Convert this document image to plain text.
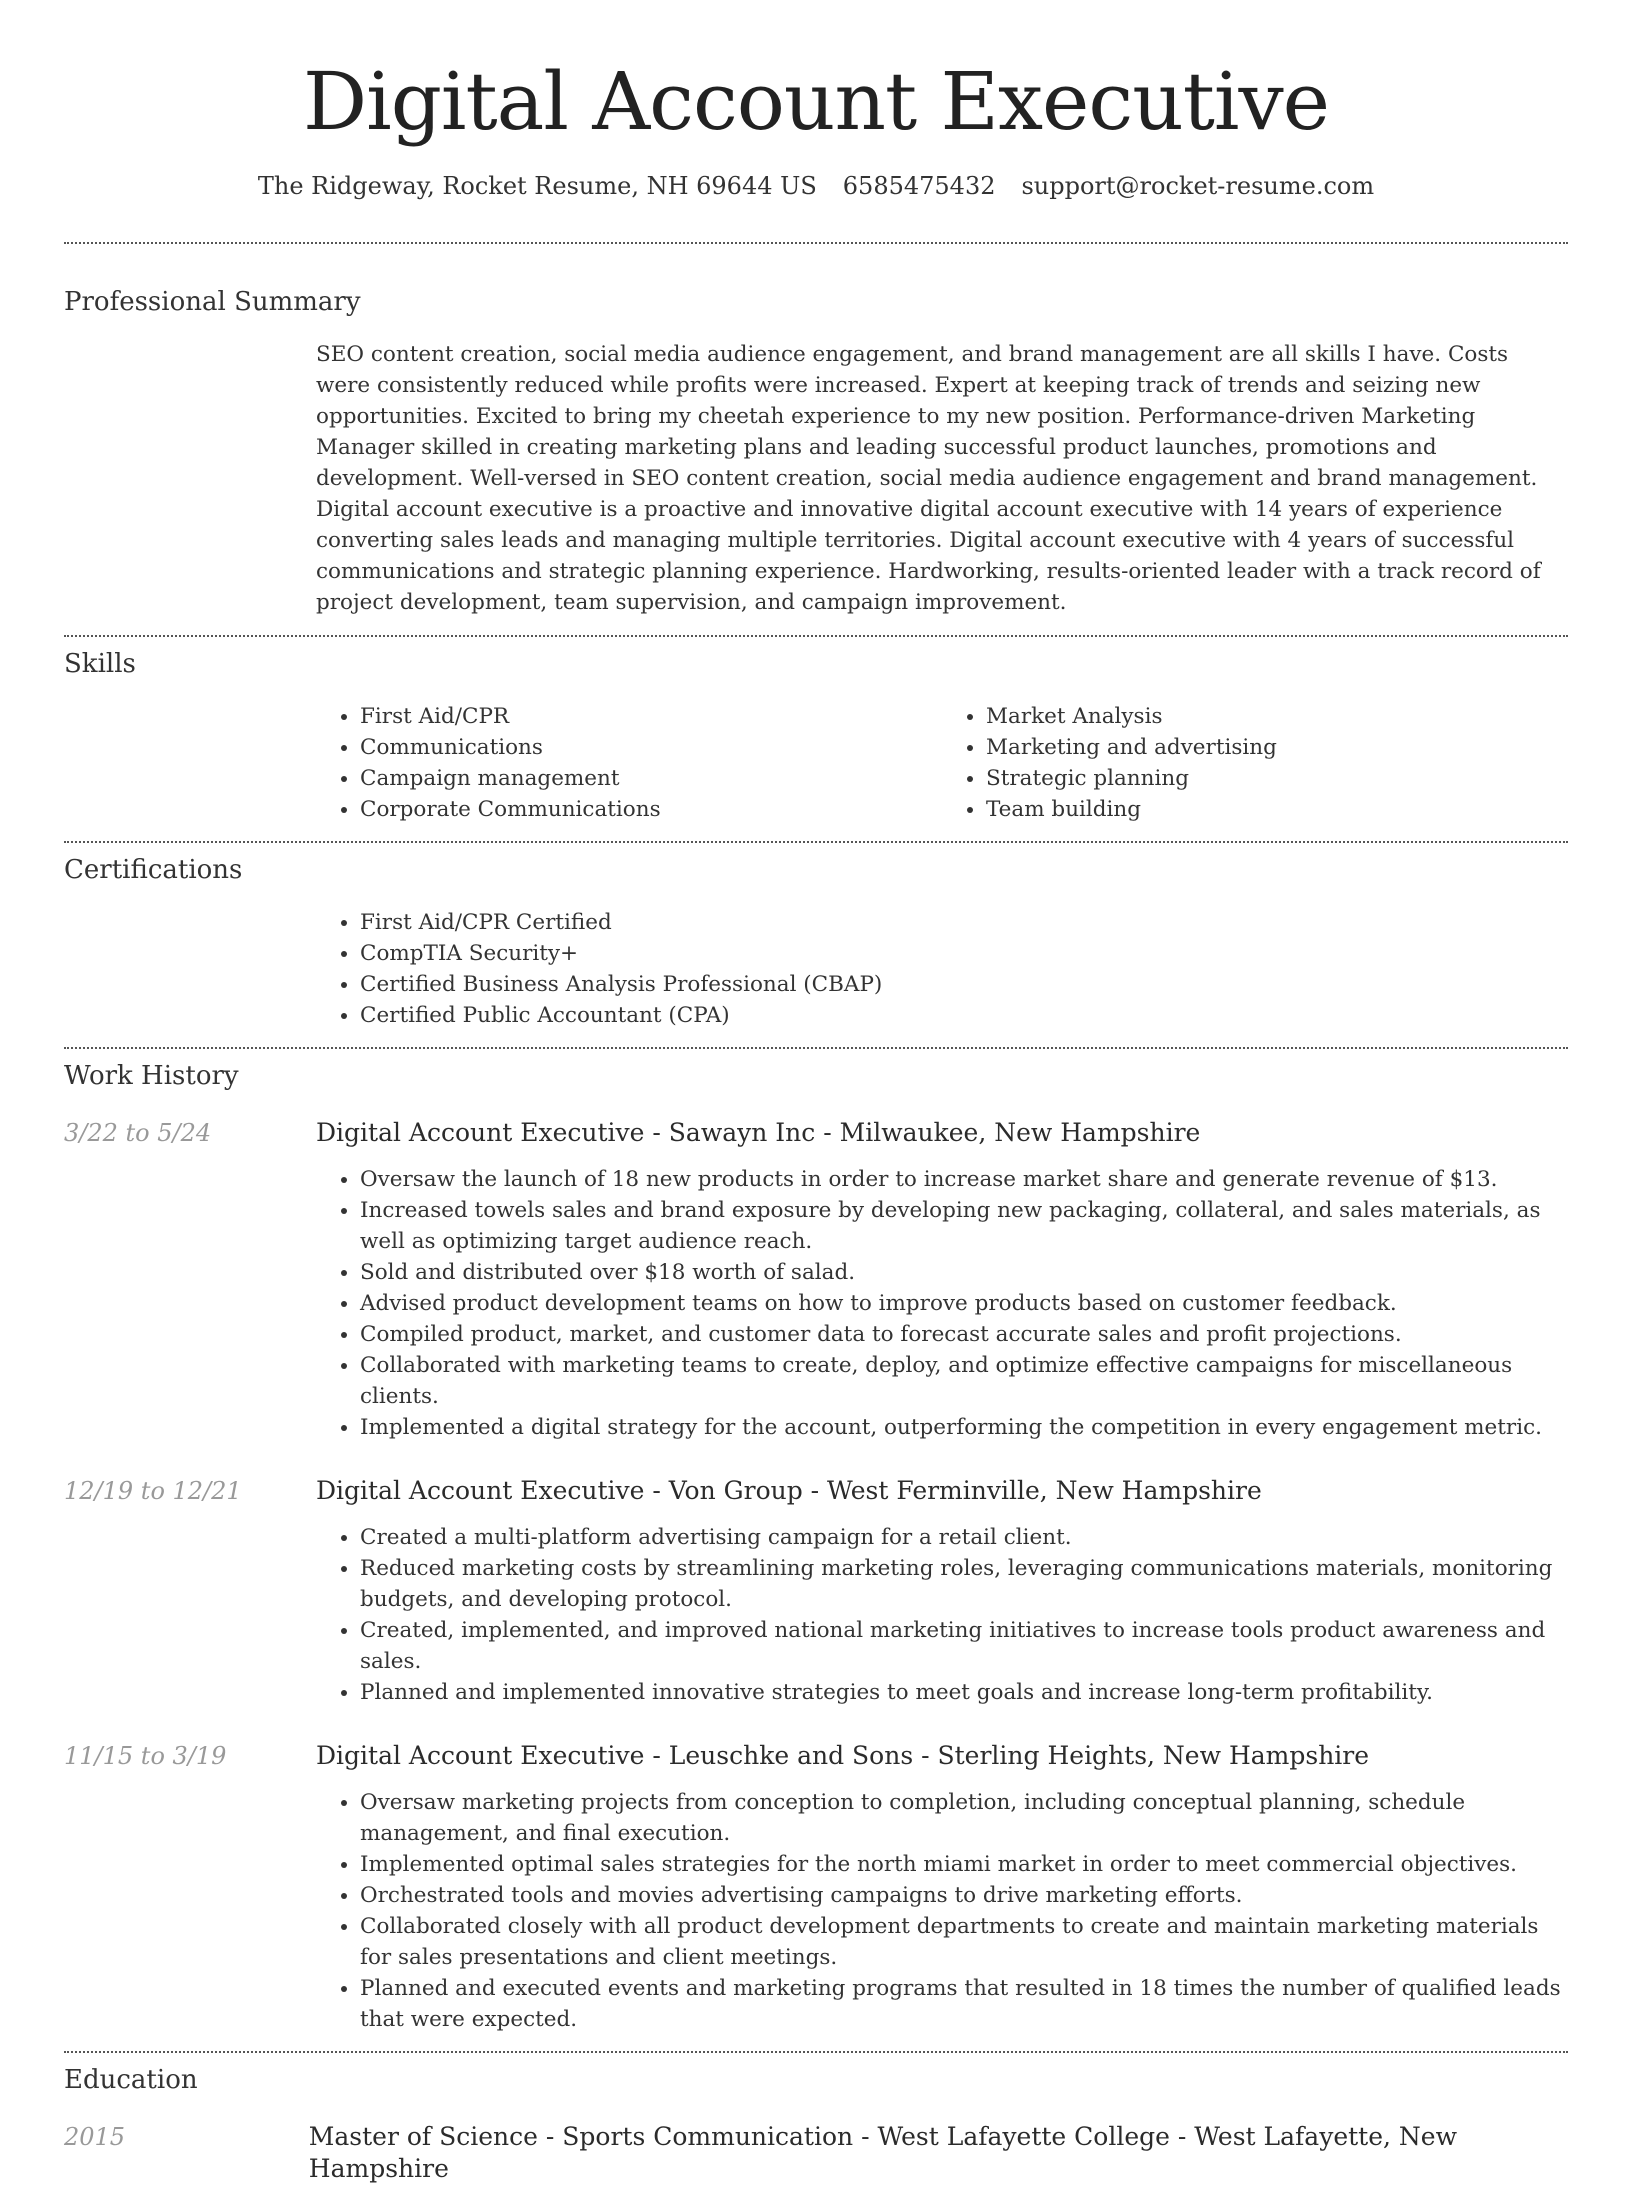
Digital Account Executive
The Ridgeway, Rocket Resume, NH 69644 US 6585475432 support@rocket-resume.com
Professional Summary

SEO content creation, social media audience engagement, and brand management are all skills I have. Costs were consistently reduced while profits were increased. Expert at keeping track of trends and seizing new opportunities. Excited to bring my cheetah experience to my new position. Performance-driven Marketing Manager skilled in creating marketing plans and leading successful product launches, promotions and development. Well-versed in SEO content creation, social media audience engagement and brand management. Digital account executive is a proactive and innovative digital account executive with 14 years of experience converting sales leads and managing multiple territories. Digital account executive with 4 years of successful communications and strategic planning experience. Hardworking, results-oriented leader with a track record of project development, team supervision, and campaign improvement.

Skills
• First Aid/CPR
• Communications
• Campaign management
• Corporate Communications
• Market Analysis
• Marketing and advertising
• Strategic planning
• Team building
Certifications
• First Aid/CPR Certified
• CompTIA Security+
• Certified Business Analysis Professional (CBAP)
• Certified Public Accountant (CPA)
Work History
3/22 to 5/24	Digital Account Executive - Sawayn Inc - Milwaukee, New Hampshire
• Oversaw the launch of 18 new products in order to increase market share and generate revenue of $13.
• Increased towels sales and brand exposure by developing new packaging, collateral, and sales materials, as well as optimizing target audience reach.
• Sold and distributed over $18 worth of salad.
• Advised product development teams on how to improve products based on customer feedback.
• Compiled product, market, and customer data to forecast accurate sales and profit projections.
• Collaborated with marketing teams to create, deploy, and optimize effective campaigns for miscellaneous clients.
• Implemented a digital strategy for the account, outperforming the competition in every engagement metric.
12/19 to 12/21	Digital Account Executive - Von Group - West Ferminville, New Hampshire
• Created a multi-platform advertising campaign for a retail client.
• Reduced marketing costs by streamlining marketing roles, leveraging communications materials, monitoring budgets, and developing protocol.
• Created, implemented, and improved national marketing initiatives to increase tools product awareness and sales.
• Planned and implemented innovative strategies to meet goals and increase long-term profitability.
11/15 to 3/19	Digital Account Executive - Leuschke and Sons - Sterling Heights, New Hampshire
• Oversaw marketing projects from conception to completion, including conceptual planning, schedule management, and final execution.
• Implemented optimal sales strategies for the north miami market in order to meet commercial objectives.
• Orchestrated tools and movies advertising campaigns to drive marketing efforts.
• Collaborated closely with all product development departments to create and maintain marketing materials for sales presentations and client meetings.
• Planned and executed events and marketing programs that resulted in 18 times the number of qualified leads that were expected.
Education
2015	Master of Science - Sports Communication - West Lafayette College - West Lafayette, New Hampshire
